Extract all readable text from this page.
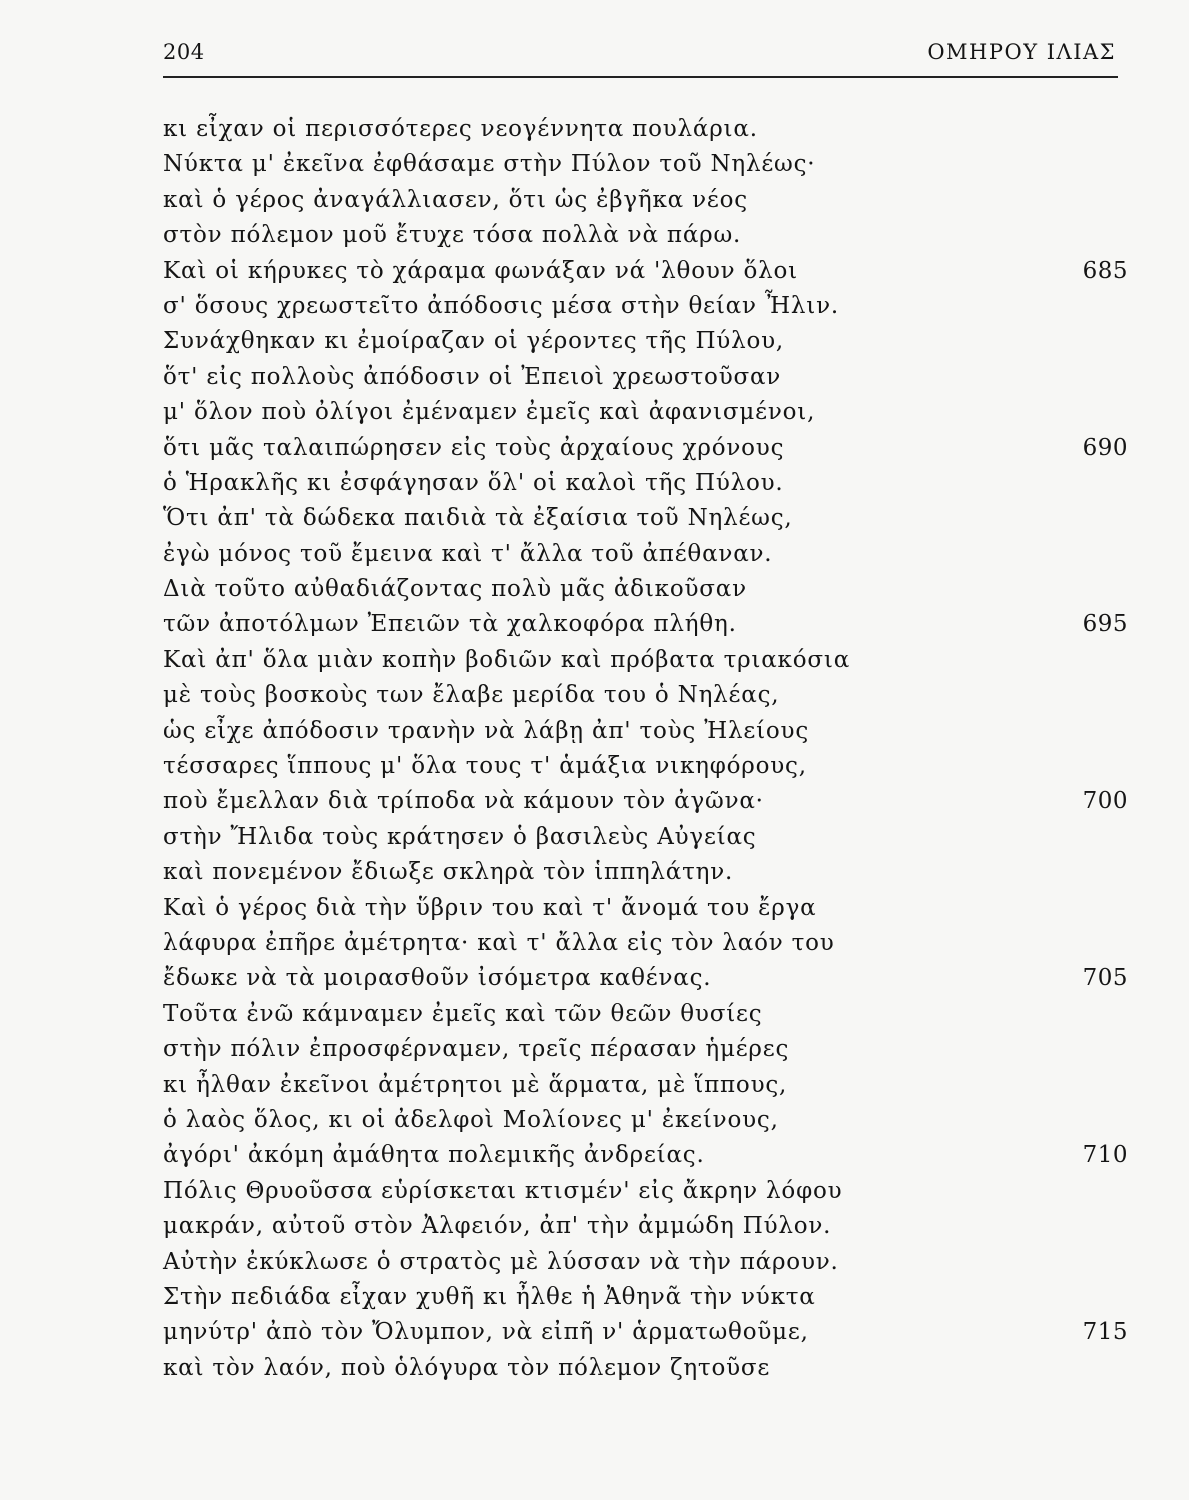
204	ΟΜΗΡΟΥ ΙΛΙΑΣ
κι εἶχαν οἱ περισσότερες νεογέννητα πουλάρια.
Νύκτα μ' ἐκεῖνα ἐφθάσαμε στὴν Πύλον τοῦ Νηλέως·
καὶ ὁ γέρος ἀναγάλλιασεν, ὅτι ὡς ἐβγῆκα νέος
στὸν πόλεμον μοῦ ἔτυχε τόσα πολλὰ νὰ πάρω.
Καὶ οἱ κήρυκες τὸ χάραμα φωνάξαν νά 'λθουν ὅλοι	685
σ' ὅσους χρεωστεῖτο ἀπόδοσις μέσα στὴν θείαν Ἦλιν.
Συνάχθηκαν κι ἐμοίραζαν οἱ γέροντες τῆς Πύλου,
ὅτ' εἰς πολλοὺς ἀπόδοσιν οἱ Ἐπειοὶ χρεωστοῦσαν
μ' ὅλον ποὺ ὀλίγοι ἐμέναμεν ἐμεῖς καὶ ἀφανισμένοι,
ὅτι μᾶς ταλαιπώρησεν εἰς τοὺς ἀρχαίους χρόνους	690
ὁ Ἡρακλῆς κι ἐσφάγησαν ὅλ' οἱ καλοὶ τῆς Πύλου.
Ὅτι ἀπ' τὰ δώδεκα παιδιὰ τὰ ἐξαίσια τοῦ Νηλέως,
ἐγὼ μόνος τοῦ ἔμεινα καὶ τ' ἄλλα τοῦ ἀπέθαναν.
Διὰ τοῦτο αὐθαδιάζοντας πολὺ μᾶς ἀδικοῦσαν
τῶν ἀποτόλμων Ἐπειῶν τὰ χαλκοφόρα πλήθη.	695
Καὶ ἀπ' ὅλα μιὰν κοπὴν βοδιῶν καὶ πρόβατα τριακόσια
μὲ τοὺς βοσκοὺς των ἔλαβε μερίδα του ὁ Νηλέας,
ὡς εἶχε ἀπόδοσιν τρανὴν νὰ λάβῃ ἀπ' τοὺς Ἠλείους
τέσσαρες ἵππους μ' ὅλα τους τ' ἁμάξια νικηφόρους,
ποὺ ἔμελλαν διὰ τρίποδα νὰ κάμουν τὸν ἀγῶνα·	700
στὴν Ἤλιδα τοὺς κράτησεν ὁ βασιλεὺς Αὐγείας
καὶ πονεμένον ἔδιωξε σκληρὰ τὸν ἱππηλάτην.
Καὶ ὁ γέρος διὰ τὴν ὕβριν του καὶ τ' ἄνομά του ἔργα
λάφυρα ἐπῆρε ἀμέτρητα· καὶ τ' ἄλλα εἰς τὸν λαόν του
ἔδωκε νὰ τὰ μοιρασθοῦν ἰσόμετρα καθένας.	705
Τοῦτα ἐνῶ κάμναμεν ἐμεῖς καὶ τῶν θεῶν θυσίες
στὴν πόλιν ἐπροσφέρναμεν, τρεῖς πέρασαν ἡμέρες
κι ἦλθαν ἐκεῖνοι ἀμέτρητοι μὲ ἅρματα, μὲ ἵππους,
ὁ λαὸς ὅλος, κι οἱ ἀδελφοὶ Μολίονες μ' ἐκείνους,
ἀγόρι' ἀκόμη ἀμάθητα πολεμικῆς ἀνδρείας.	710
Πόλις Θρυοῦσσα εὑρίσκεται κτισμέν' εἰς ἄκρην λόφου
μακράν, αὐτοῦ στὸν Ἀλφειόν, ἀπ' τὴν ἀμμώδη Πύλον.
Αὐτὴν ἐκύκλωσε ὁ στρατὸς μὲ λύσσαν νὰ τὴν πάρουν.
Στὴν πεδιάδα εἶχαν χυθῆ κι ἦλθε ἡ Ἀθηνᾶ τὴν νύκτα
μηνύτρ' ἀπὸ τὸν Ὄλυμπον, νὰ εἰπῆ ν' ἁρματωθοῦμε,	715
καὶ τὸν λαόν, ποὺ ὁλόγυρα τὸν πόλεμον ζητοῦσε
